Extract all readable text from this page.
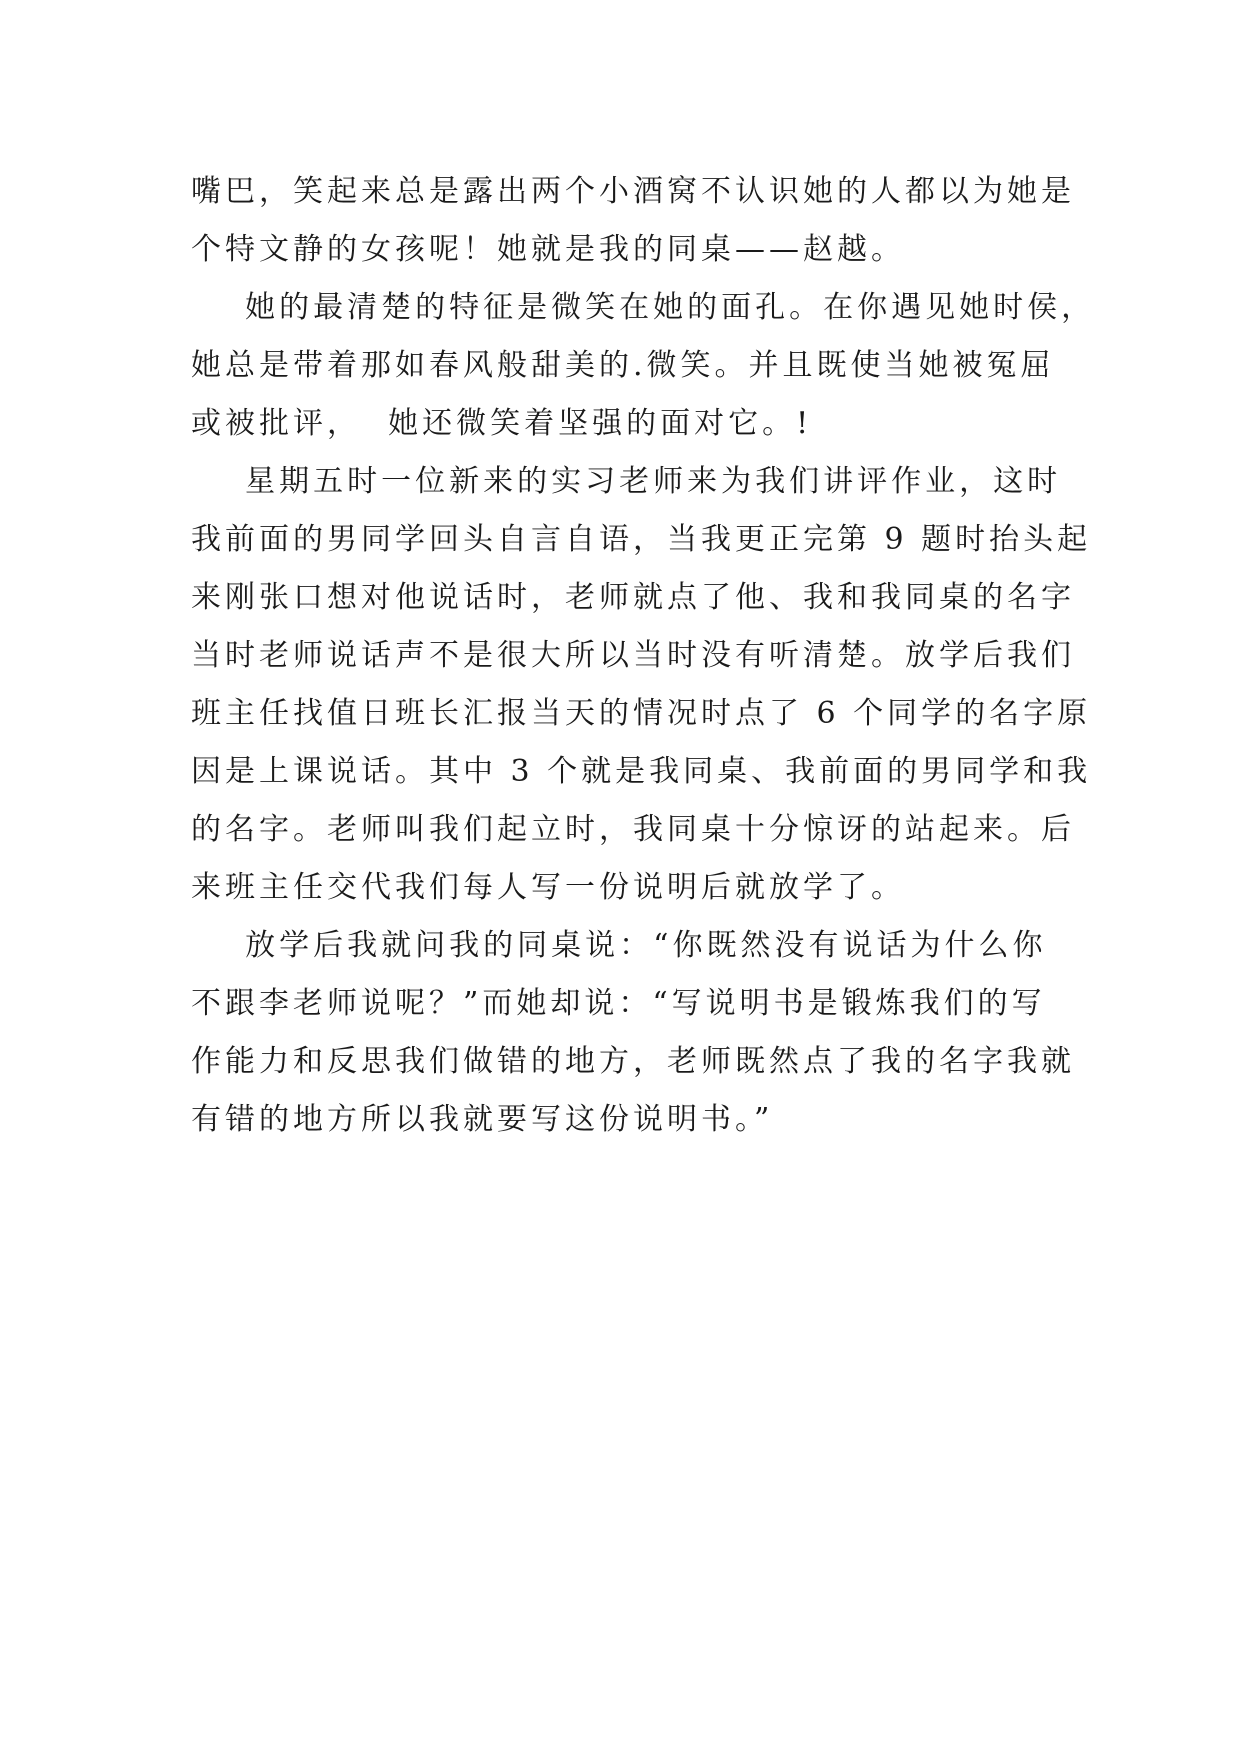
嘴巴，笑起来总是露出两个小酒窝不认识她的人都以为她是
个特文静的女孩呢！她就是我的同桌——赵越。
她的最清楚的特征是微笑在她的面孔。在你遇见她时侯，
她总是带着那如春风般甜美的.微笑。并且既使当她被冤屈
或被批评，  她还微笑着坚强的面对它。!
星期五时一位新来的实习老师来为我们讲评作业，这时
我前面的男同学回头自言自语，当我更正完第 9 题时抬头起
来刚张口想对他说话时，老师就点了他、我和我同桌的名字
当时老师说话声不是很大所以当时没有听清楚。放学后我们
班主任找值日班长汇报当天的情况时点了 6 个同学的名字原
因是上课说话。其中 3 个就是我同桌、我前面的男同学和我
的名字。老师叫我们起立时，我同桌十分惊讶的站起来。后
来班主任交代我们每人写一份说明后就放学了。
放学后我就问我的同桌说：“你既然没有说话为什么你
不跟李老师说呢？”而她却说：“写说明书是锻炼我们的写
作能力和反思我们做错的地方，老师既然点了我的名字我就
有错的地方所以我就要写这份说明书。”
